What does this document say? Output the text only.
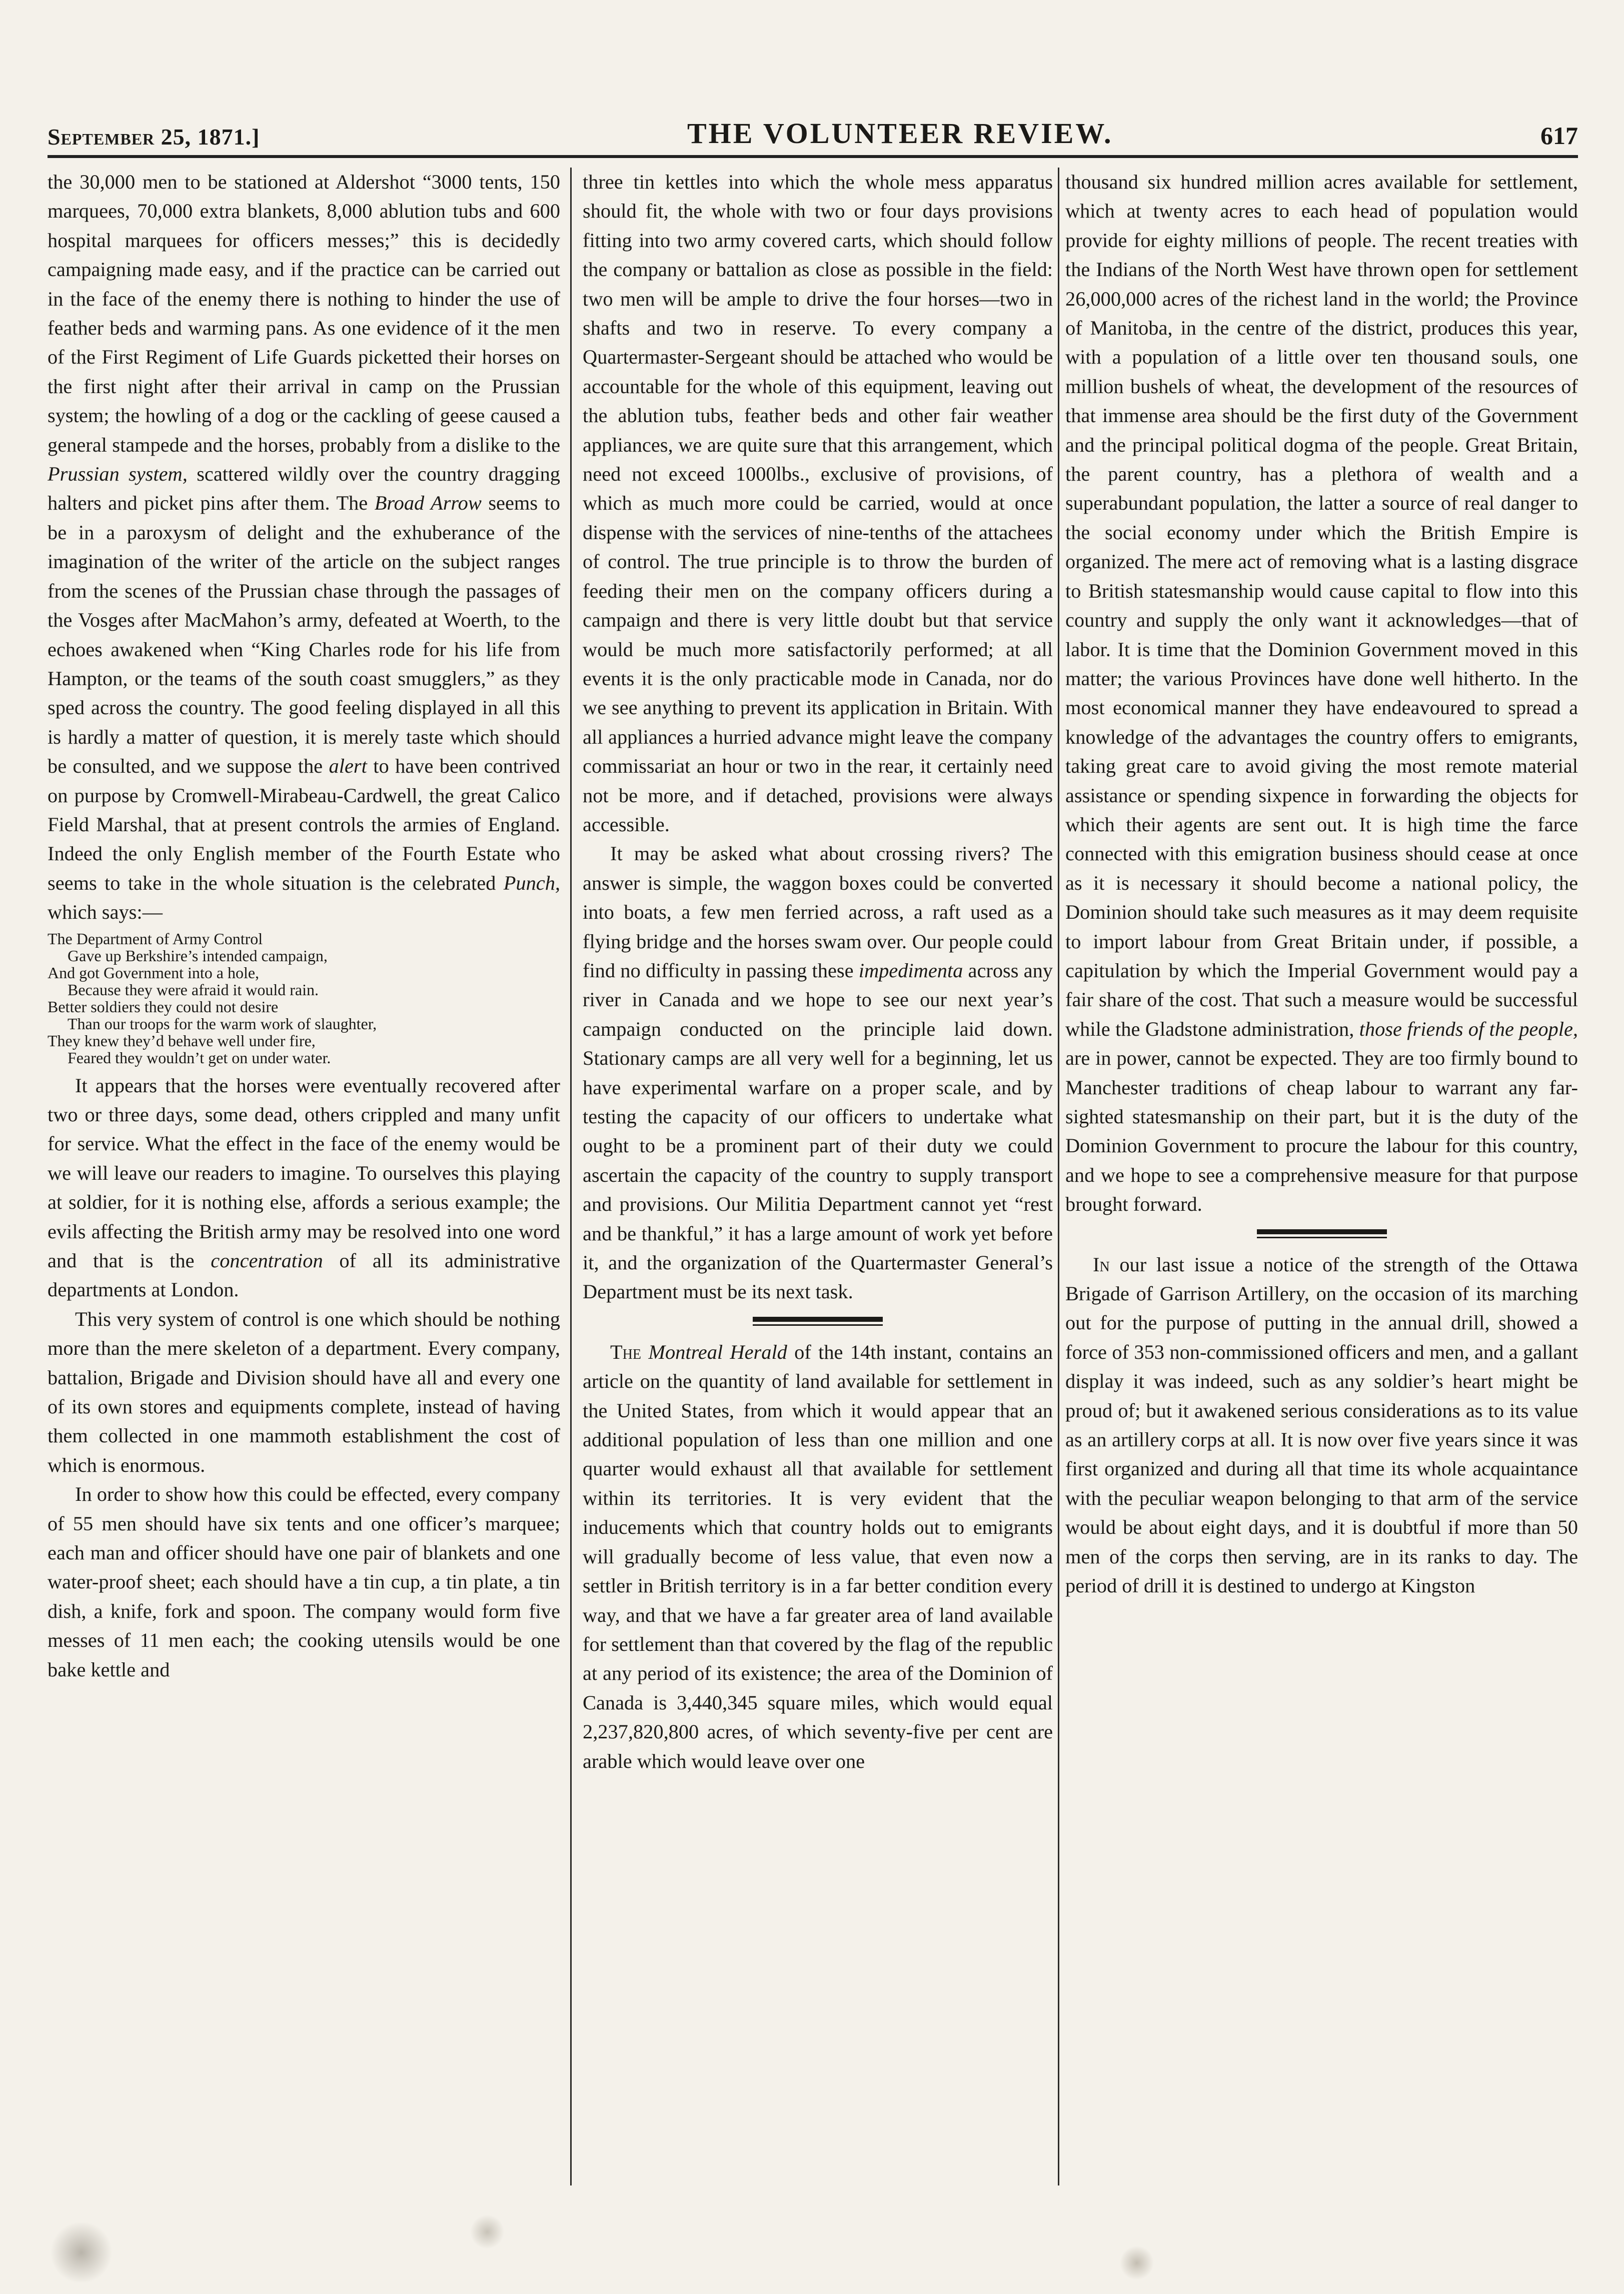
September 25, 1871.]	THE VOLUNTEER REVIEW.	617

the 30,000 men to be stationed at Aldershot “3000 tents, 150 marquees, 70,000 extra blankets, 8,000 ablution tubs and 600 hospital marquees for officers messes;” this is decidedly campaigning made easy, and if the practice can be carried out in the face of the enemy there is nothing to hinder the use of feather beds and warming pans. As one evidence of it the men of the First Regiment of Life Guards picketted their horses on the first night after their arrival in camp on the Prussian system; the howling of a dog or the cackling of geese caused a general stampede and the horses, probably from a dislike to the Prussian system, scattered wildly over the country dragging halters and picket pins after them. The Broad Arrow seems to be in a paroxysm of delight and the exhuberance of the imagination of the writer of the article on the subject ranges from the scenes of the Prussian chase through the passages of the Vosges after MacMahon’s army, defeated at Woerth, to the echoes awakened when “King Charles rode for his life from Hampton, or the teams of the south coast smugglers,” as they sped across the country. The good feeling displayed in all this is hardly a matter of question, it is merely taste which should be consulted, and we suppose the alert to have been contrived on purpose by Cromwell-Mirabeau-Cardwell, the great Calico Field Marshal, that at present controls the armies of England. Indeed the only English member of the Fourth Estate who seems to take in the whole situation is the celebrated Punch, which says:—

The Department of Army Control
Gave up Berkshire’s intended campaign,
And got Government into a hole,
Because they were afraid it would rain.
Better soldiers they could not desire
Than our troops for the warm work of slaughter,
They knew they’d behave well under fire,
Feared they wouldn’t get on under water.

It appears that the horses were eventually recovered after two or three days, some dead, others crippled and many unfit for service. What the effect in the face of the enemy would be we will leave our readers to imagine. To ourselves this playing at soldier, for it is nothing else, affords a serious example; the evils affecting the British army may be resolved into one word and that is the concentration of all its administrative departments at London.

This very system of control is one which should be nothing more than the mere skeleton of a department. Every company, battalion, Brigade and Division should have all and every one of its own stores and equipments complete, instead of having them collected in one mammoth establishment the cost of which is enormous.

In order to show how this could be effected, every company of 55 men should have six tents and one officer’s marquee; each man and officer should have one pair of blankets and one water-proof sheet; each should have a tin cup, a tin plate, a tin dish, a knife, fork and spoon. The company would form five messes of 11 men each; the cooking utensils would be one bake kettle and

three tin kettles into which the whole mess apparatus should fit, the whole with two or four days provisions fitting into two army covered carts, which should follow the company or battalion as close as possible in the field: two men will be ample to drive the four horses—two in shafts and two in reserve. To every company a Quartermaster-Sergeant should be attached who would be accountable for the whole of this equipment, leaving out the ablution tubs, feather beds and other fair weather appliances, we are quite sure that this arrangement, which need not exceed 1000lbs., exclusive of provisions, of which as much more could be carried, would at once dispense with the services of nine-tenths of the attachees of control. The true principle is to throw the burden of feeding their men on the company officers during a campaign and there is very little doubt but that service would be much more satisfactorily performed; at all events it is the only practicable mode in Canada, nor do we see anything to prevent its application in Britain. With all appliances a hurried advance might leave the company commissariat an hour or two in the rear, it certainly need not be more, and if detached, provisions were always accessible.

It may be asked what about crossing rivers? The answer is simple, the waggon boxes could be converted into boats, a few men ferried across, a raft used as a flying bridge and the horses swam over. Our people could find no difficulty in passing these impedimenta across any river in Canada and we hope to see our next year’s campaign conducted on the principle laid down. Stationary camps are all very well for a beginning, let us have experimental warfare on a proper scale, and by testing the capacity of our officers to undertake what ought to be a prominent part of their duty we could ascertain the capacity of the country to supply transport and provisions. Our Militia Department cannot yet “rest and be thankful,” it has a large amount of work yet before it, and the organization of the Quartermaster General’s Department must be its next task.

The Montreal Herald of the 14th instant, contains an article on the quantity of land available for settlement in the United States, from which it would appear that an additional population of less than one million and one quarter would exhaust all that available for settlement within its territories. It is very evident that the inducements which that country holds out to emigrants will gradually become of less value, that even now a settler in British territory is in a far better condition every way, and that we have a far greater area of land available for settlement than that covered by the flag of the republic at any period of its existence; the area of the Dominion of Canada is 3,440,345 square miles, which would equal 2,237,820,800 acres, of which seventy-five per cent are arable which would leave over one

thousand six hundred million acres available for settlement, which at twenty acres to each head of population would provide for eighty millions of people. The recent treaties with the Indians of the North West have thrown open for settlement 26,000,000 acres of the richest land in the world; the Province of Manitoba, in the centre of the district, produces this year, with a population of a little over ten thousand souls, one million bushels of wheat, the development of the resources of that immense area should be the first duty of the Government and the principal political dogma of the people. Great Britain, the parent country, has a plethora of wealth and a superabundant population, the latter a source of real danger to the social economy under which the British Empire is organized. The mere act of removing what is a lasting disgrace to British statesmanship would cause capital to flow into this country and supply the only want it acknowledges—that of labor. It is time that the Dominion Government moved in this matter; the various Provinces have done well hitherto. In the most economical manner they have endeavoured to spread a knowledge of the advantages the country offers to emigrants, taking great care to avoid giving the most remote material assistance or spending sixpence in forwarding the objects for which their agents are sent out. It is high time the farce connected with this emigration business should cease at once as it is necessary it should become a national policy, the Dominion should take such measures as it may deem requisite to import labour from Great Britain under, if possible, a capitulation by which the Imperial Government would pay a fair share of the cost. That such a measure would be successful while the Gladstone administration, those friends of the people, are in power, cannot be expected. They are too firmly bound to Manchester traditions of cheap labour to warrant any far-sighted statesmanship on their part, but it is the duty of the Dominion Government to procure the labour for this country, and we hope to see a comprehensive measure for that purpose brought forward.

In our last issue a notice of the strength of the Ottawa Brigade of Garrison Artillery, on the occasion of its marching out for the purpose of putting in the annual drill, showed a force of 353 non-commissioned officers and men, and a gallant display it was indeed, such as any soldier’s heart might be proud of; but it awakened serious considerations as to its value as an artillery corps at all. It is now over five years since it was first organized and during all that time its whole acquaintance with the peculiar weapon belonging to that arm of the service would be about eight days, and it is doubtful if more than 50 men of the corps then serving, are in its ranks to day. The period of drill it is destined to undergo at Kingston
